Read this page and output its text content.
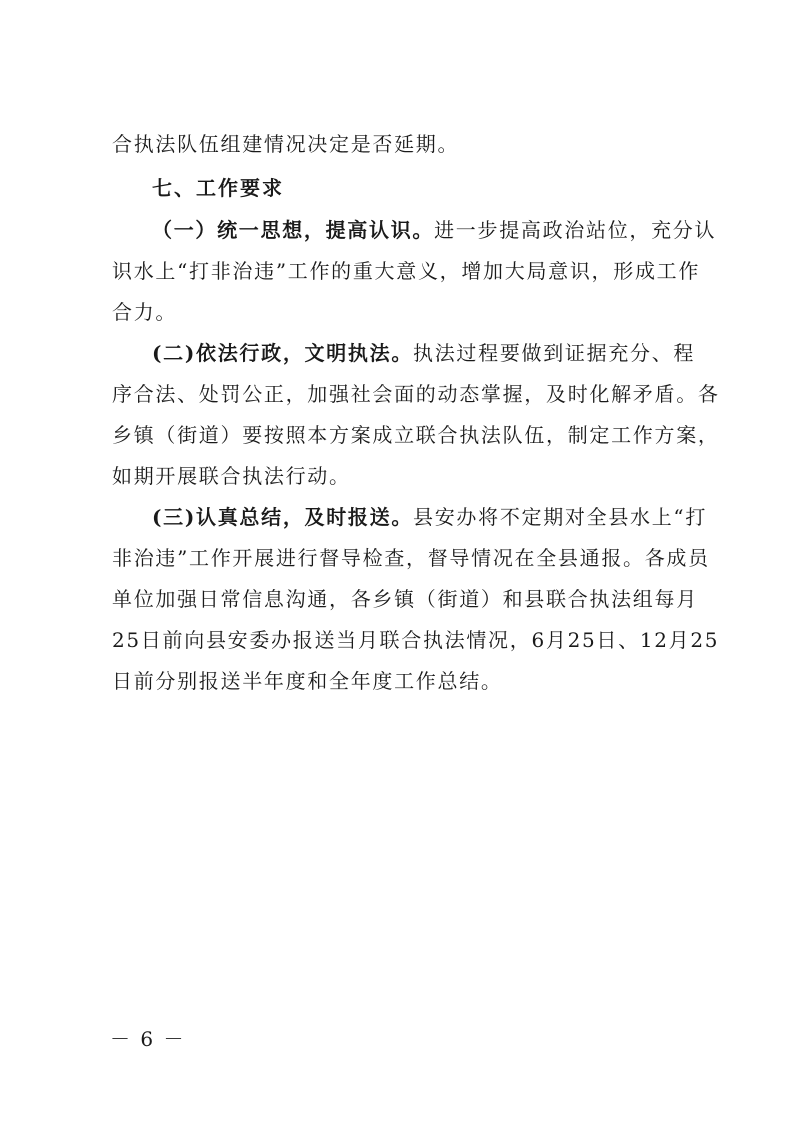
合执法队伍组建情况决定是否延期。
七、工作要求
（一）统一思想，提高认识。进一步提高政治站位，充分认
识水上“打非治违”工作的重大意义，增加大局意识，形成工作
合力。
(二)依法行政，文明执法。执法过程要做到证据充分、程
序合法、处罚公正，加强社会面的动态掌握，及时化解矛盾。各
乡镇（街道）要按照本方案成立联合执法队伍，制定工作方案，
如期开展联合执法行动。
(三)认真总结，及时报送。县安办将不定期对全县水上“打
非治违”工作开展进行督导检查，督导情况在全县通报。各成员
单位加强日常信息沟通，各乡镇（街道）和县联合执法组每月
25日前向县安委办报送当月联合执法情况，6月25日、12月25
日前分别报送半年度和全年度工作总结。
－ 6 －
